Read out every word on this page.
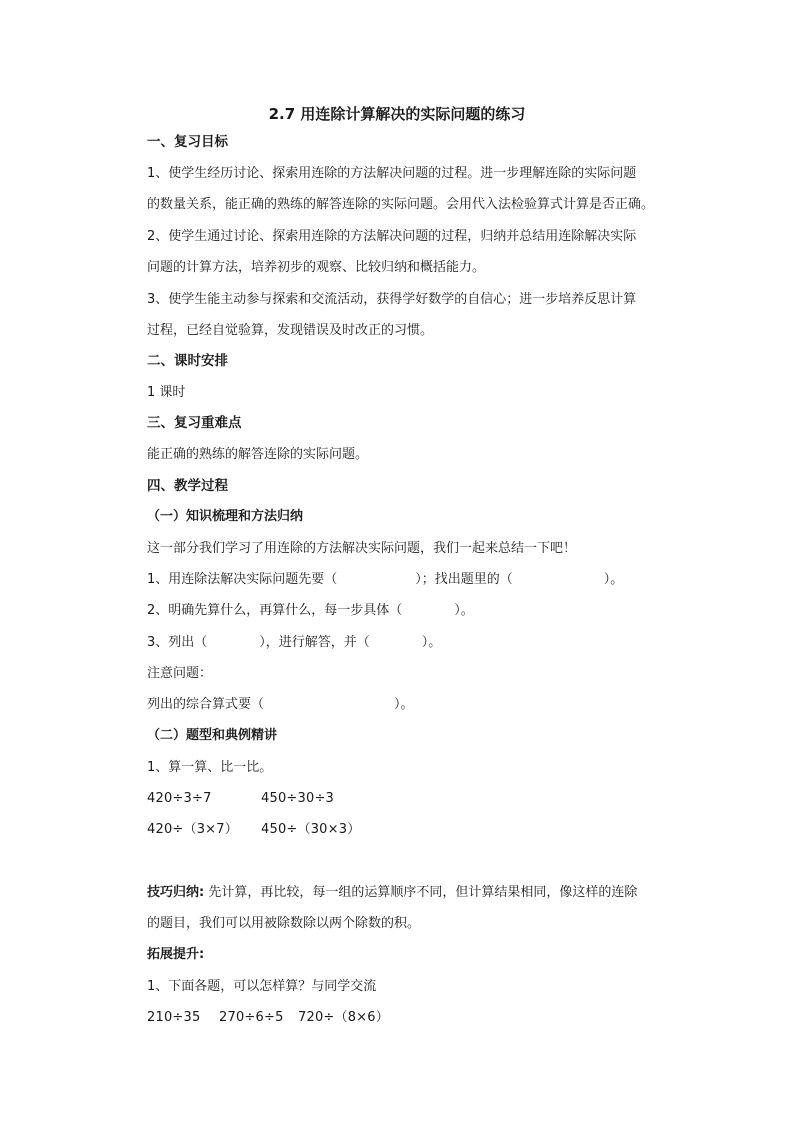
2.7 用连除计算解决的实际问题的练习
一、复习目标
1、使学生经历讨论、探索用连除的方法解决问题的过程。进一步理解连除的实际问题
的数量关系，能正确的熟练的解答连除的实际问题。会用代入法检验算式计算是否正确。
2、使学生通过讨论、探索用连除的方法解决问题的过程，归纳并总结用连除解决实际
问题的计算方法，培养初步的观察、比较归纳和概括能力。
3、使学生能主动参与探索和交流活动，获得学好数学的自信心；进一步培养反思计算
过程，已经自觉验算，发现错误及时改正的习惯。
二、课时安排
1 课时
三、复习重难点
能正确的熟练的解答连除的实际问题。
四、教学过程
（一）知识梳理和方法归纳
这一部分我们学习了用连除的方法解决实际问题，我们一起来总结一下吧！
1、用连除法解决实际问题先要（　　　　　　）；找出题里的（　　　　　　　）。
2、明确先算什么，再算什么，每一步具体（　　　　）。
3、列出（　　　　），进行解答，并（　　　　）。
注意问题：
列出的综合算式要（　　　　　　　　　　）。
（二）题型和典例精讲
1、算一算、比一比。
420÷3÷7	450÷30÷3
420÷（3×7） 450÷（30×3）
技巧归纳: 先计算，再比较，每一组的运算顺序不同，但计算结果相同，像这样的连除
的题目，我们可以用被除数除以两个除数的积。
拓展提升:
1、下面各题，可以怎样算？与同学交流
210÷35 270÷6÷5 720÷（8×6）
